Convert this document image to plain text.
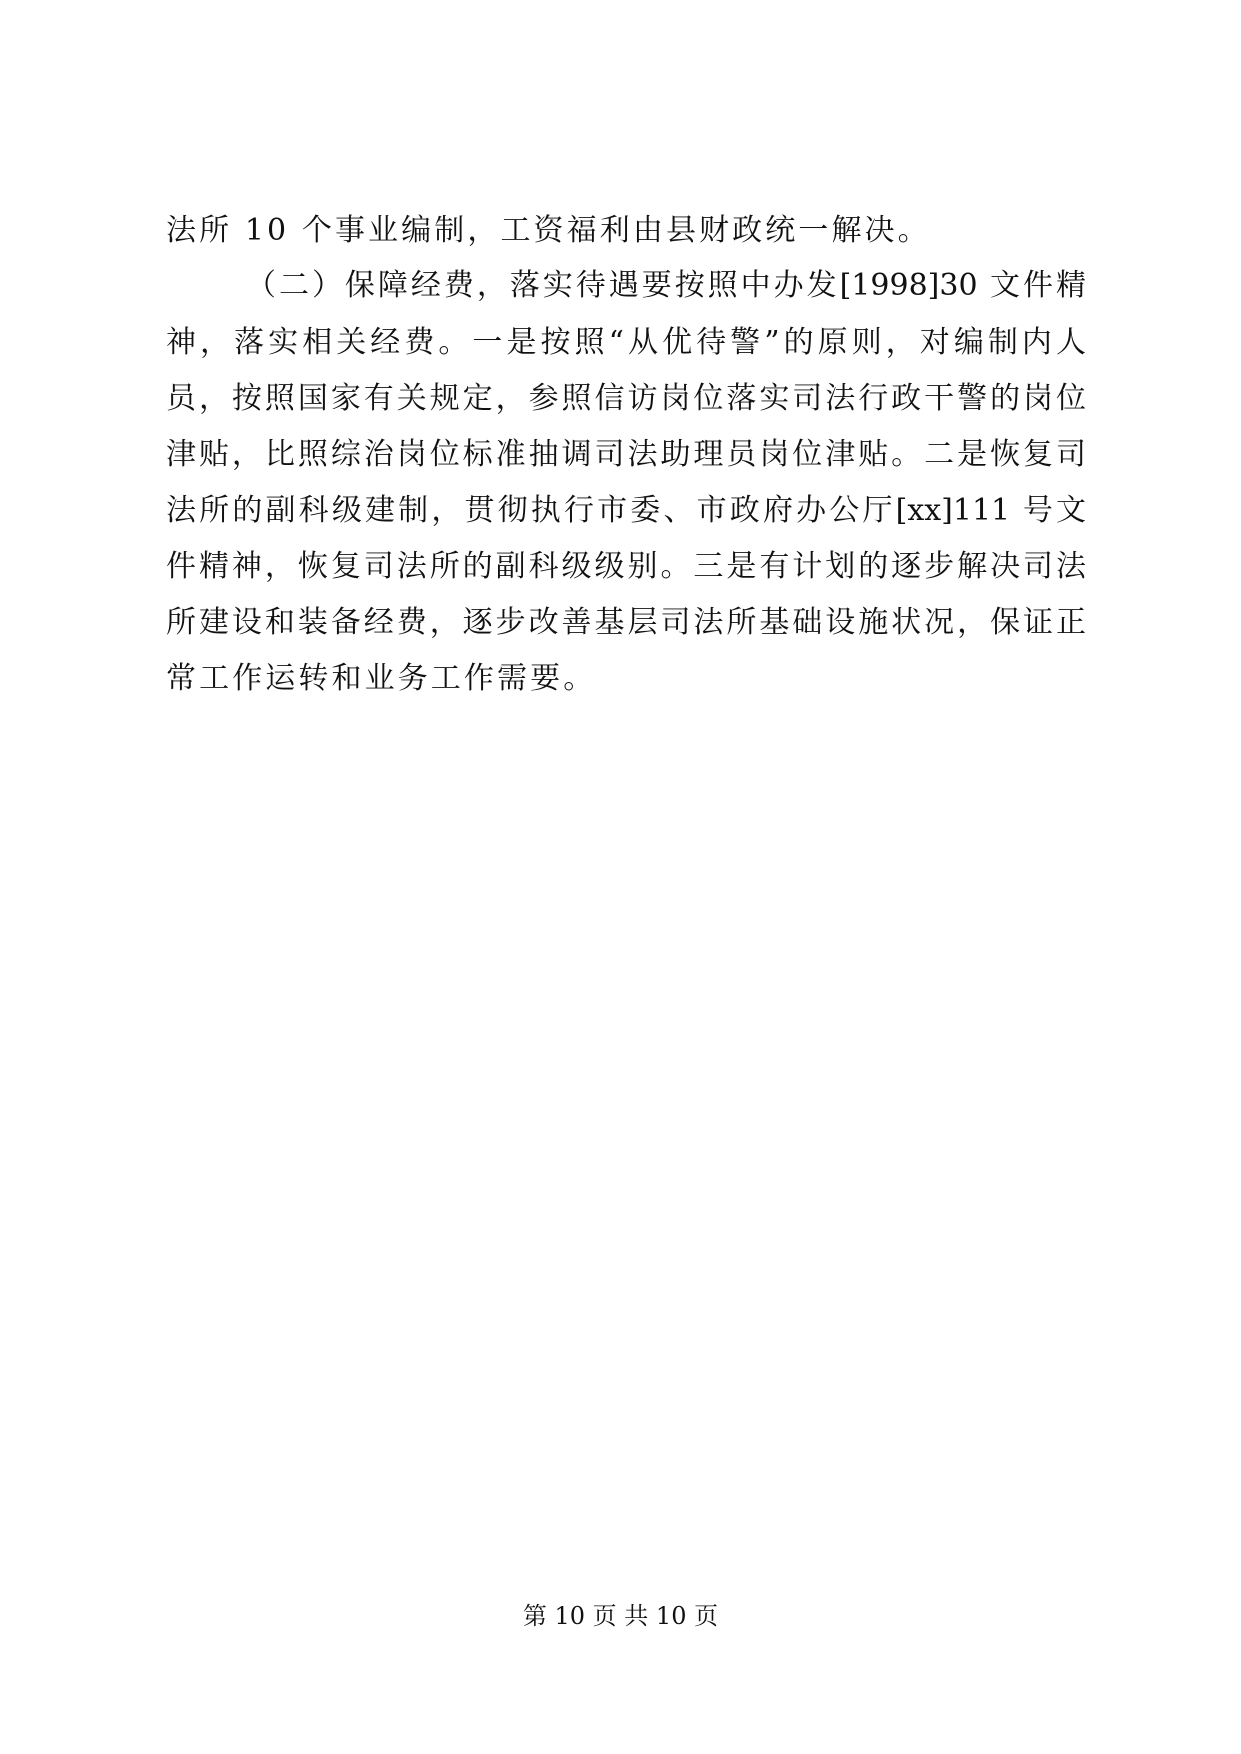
法所 10 个事业编制，工资福利由县财政统一解决。
（二）保障经费，落实待遇要按照中办发[1998]30 文件精
神，落实相关经费。一是按照“从优待警”的原则，对编制内人
员，按照国家有关规定，参照信访岗位落实司法行政干警的岗位
津贴，比照综治岗位标准抽调司法助理员岗位津贴。二是恢复司
法所的副科级建制，贯彻执行市委、市政府办公厅[xx]111 号文
件精神，恢复司法所的副科级级别。三是有计划的逐步解决司法
所建设和装备经费，逐步改善基层司法所基础设施状况，保证正
常工作运转和业务工作需要。
第 10 页 共 10 页
